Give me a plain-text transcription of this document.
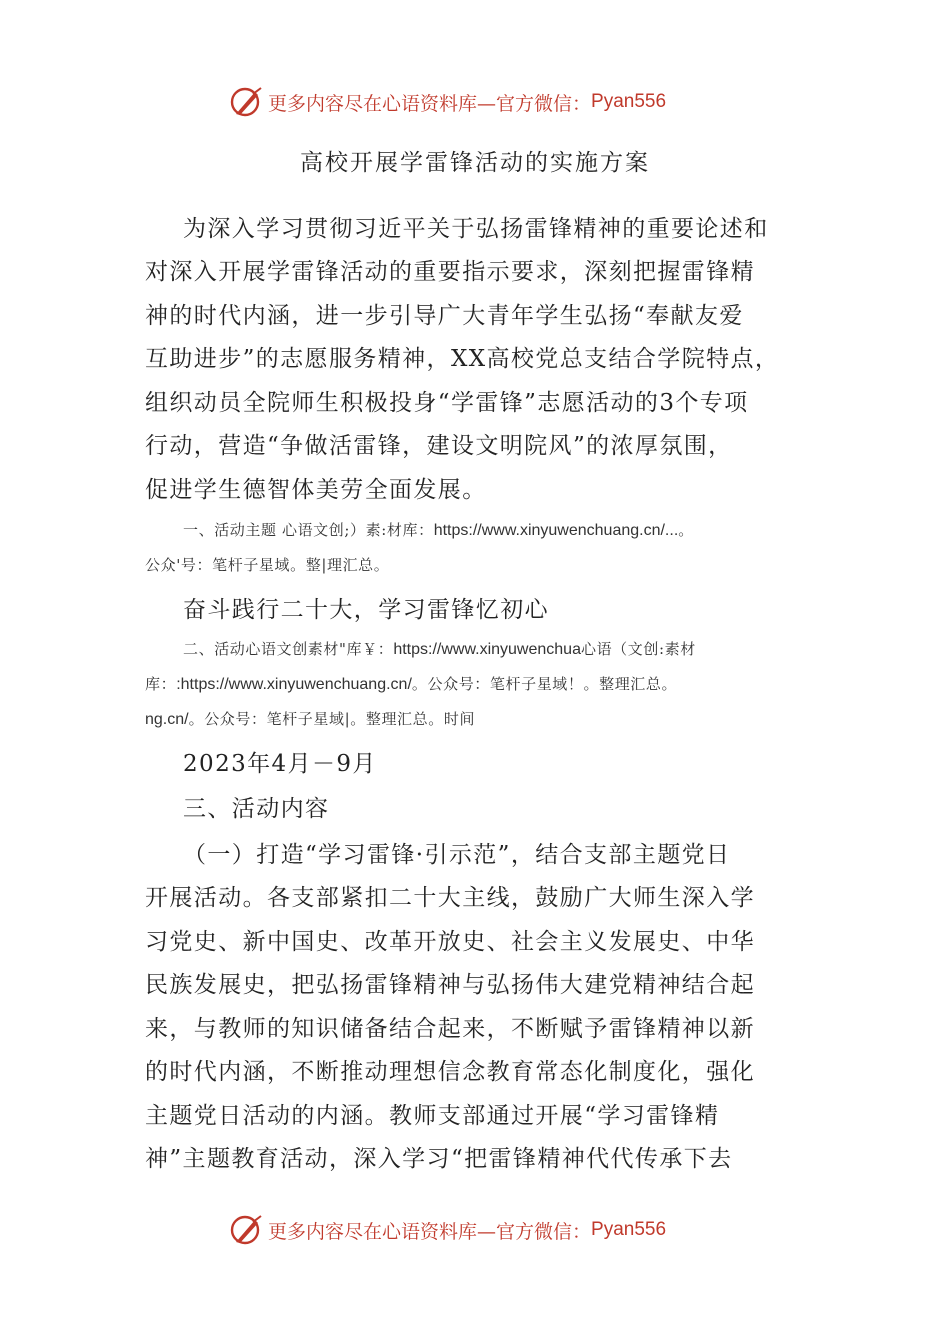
更多内容尽在心语资料库—官方微信： Pyan556
高校开展学雷锋活动的实施方案
为深入学习贯彻习近平关于弘扬雷锋精神的重要论述和
对深入开展学雷锋活动的重要指示要求，深刻把握雷锋精
神的时代内涵，进一步引导广大青年学生弘扬“奉献友爱
互助进步”的志愿服务精神，XX高校党总支结合学院特点，
组织动员全院师生积极投身“学雷锋”志愿活动的3个专项
行动，营造“争做活雷锋，建设文明院风”的浓厚氛围，
促进学生德智体美劳全面发展。
一、活动主题 心语文创;）素:材库：https://www.xinyuwenchuang.cn/...。
公众'号：笔杆子星域。整|理汇总。
奋斗践行二十大，学习雷锋忆初心
二、活动心语文创素材"库￥：https://www.xinyuwenchua心语（文创:素材
库：:https://www.xinyuwenchuang.cn/。公众号：笔杆子星域！。整理汇总。
ng.cn/。公众号：笔杆子星域|。整理汇总。时间
2023年4月－9月
三、活动内容
（一）打造“学习雷锋·引示范”，结合支部主题党日
开展活动。各支部紧扣二十大主线，鼓励广大师生深入学
习党史、新中国史、改革开放史、社会主义发展史、中华
民族发展史，把弘扬雷锋精神与弘扬伟大建党精神结合起
来，与教师的知识储备结合起来，不断赋予雷锋精神以新
的时代内涵，不断推动理想信念教育常态化制度化，强化
主题党日活动的内涵。教师支部通过开展“学习雷锋精
神”主题教育活动，深入学习“把雷锋精神代代传承下去
更多内容尽在心语资料库—官方微信： Pyan556
